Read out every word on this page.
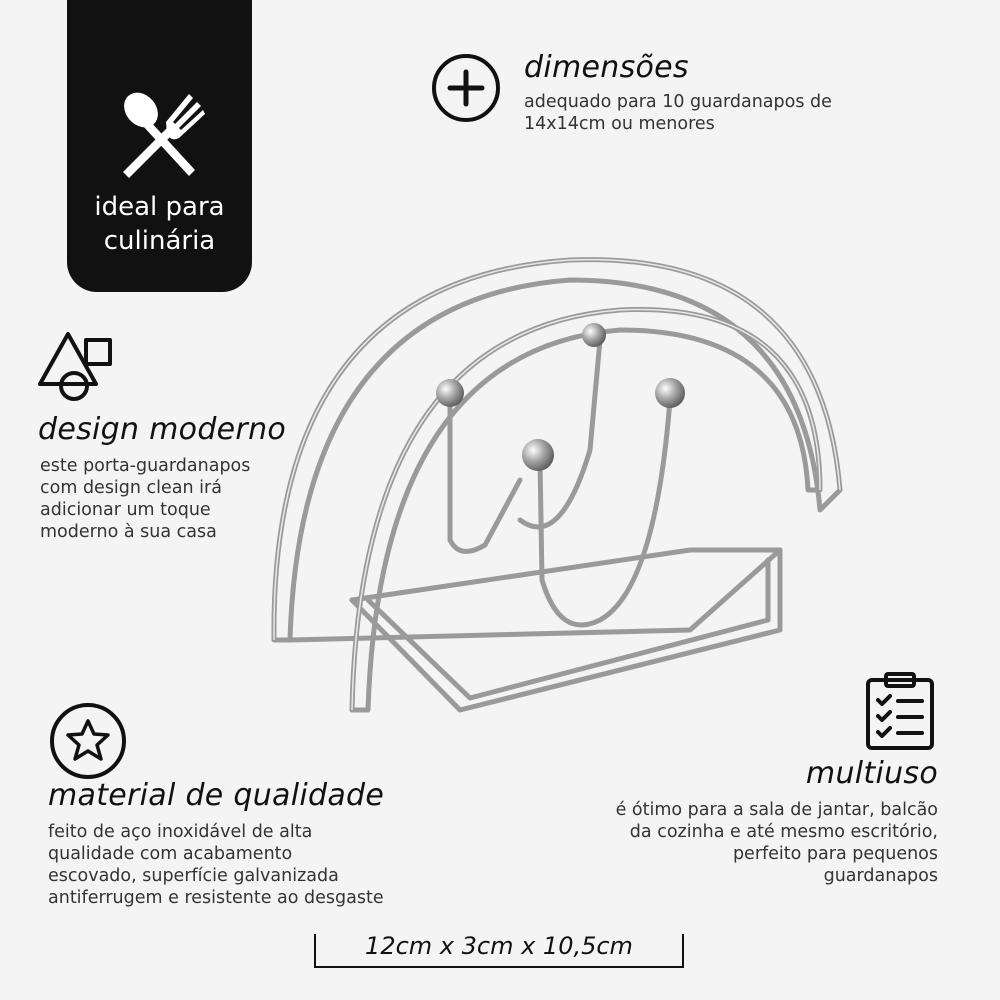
ideal para
culinária
dimensões
adequado para 10 guardanapos de
14x14cm ou menores
design moderno
este porta-guardanapos
com design clean irá
adicionar um toque
moderno à sua casa
material de qualidade
feito de aço inoxidável de alta
qualidade com acabamento
escovado, superfície galvanizada
antiferrugem e resistente ao desgaste
multiuso
é ótimo para a sala de jantar, balcão
da cozinha e até mesmo escritório,
perfeito para pequenos
guardanapos
12cm x 3cm x 10,5cm
